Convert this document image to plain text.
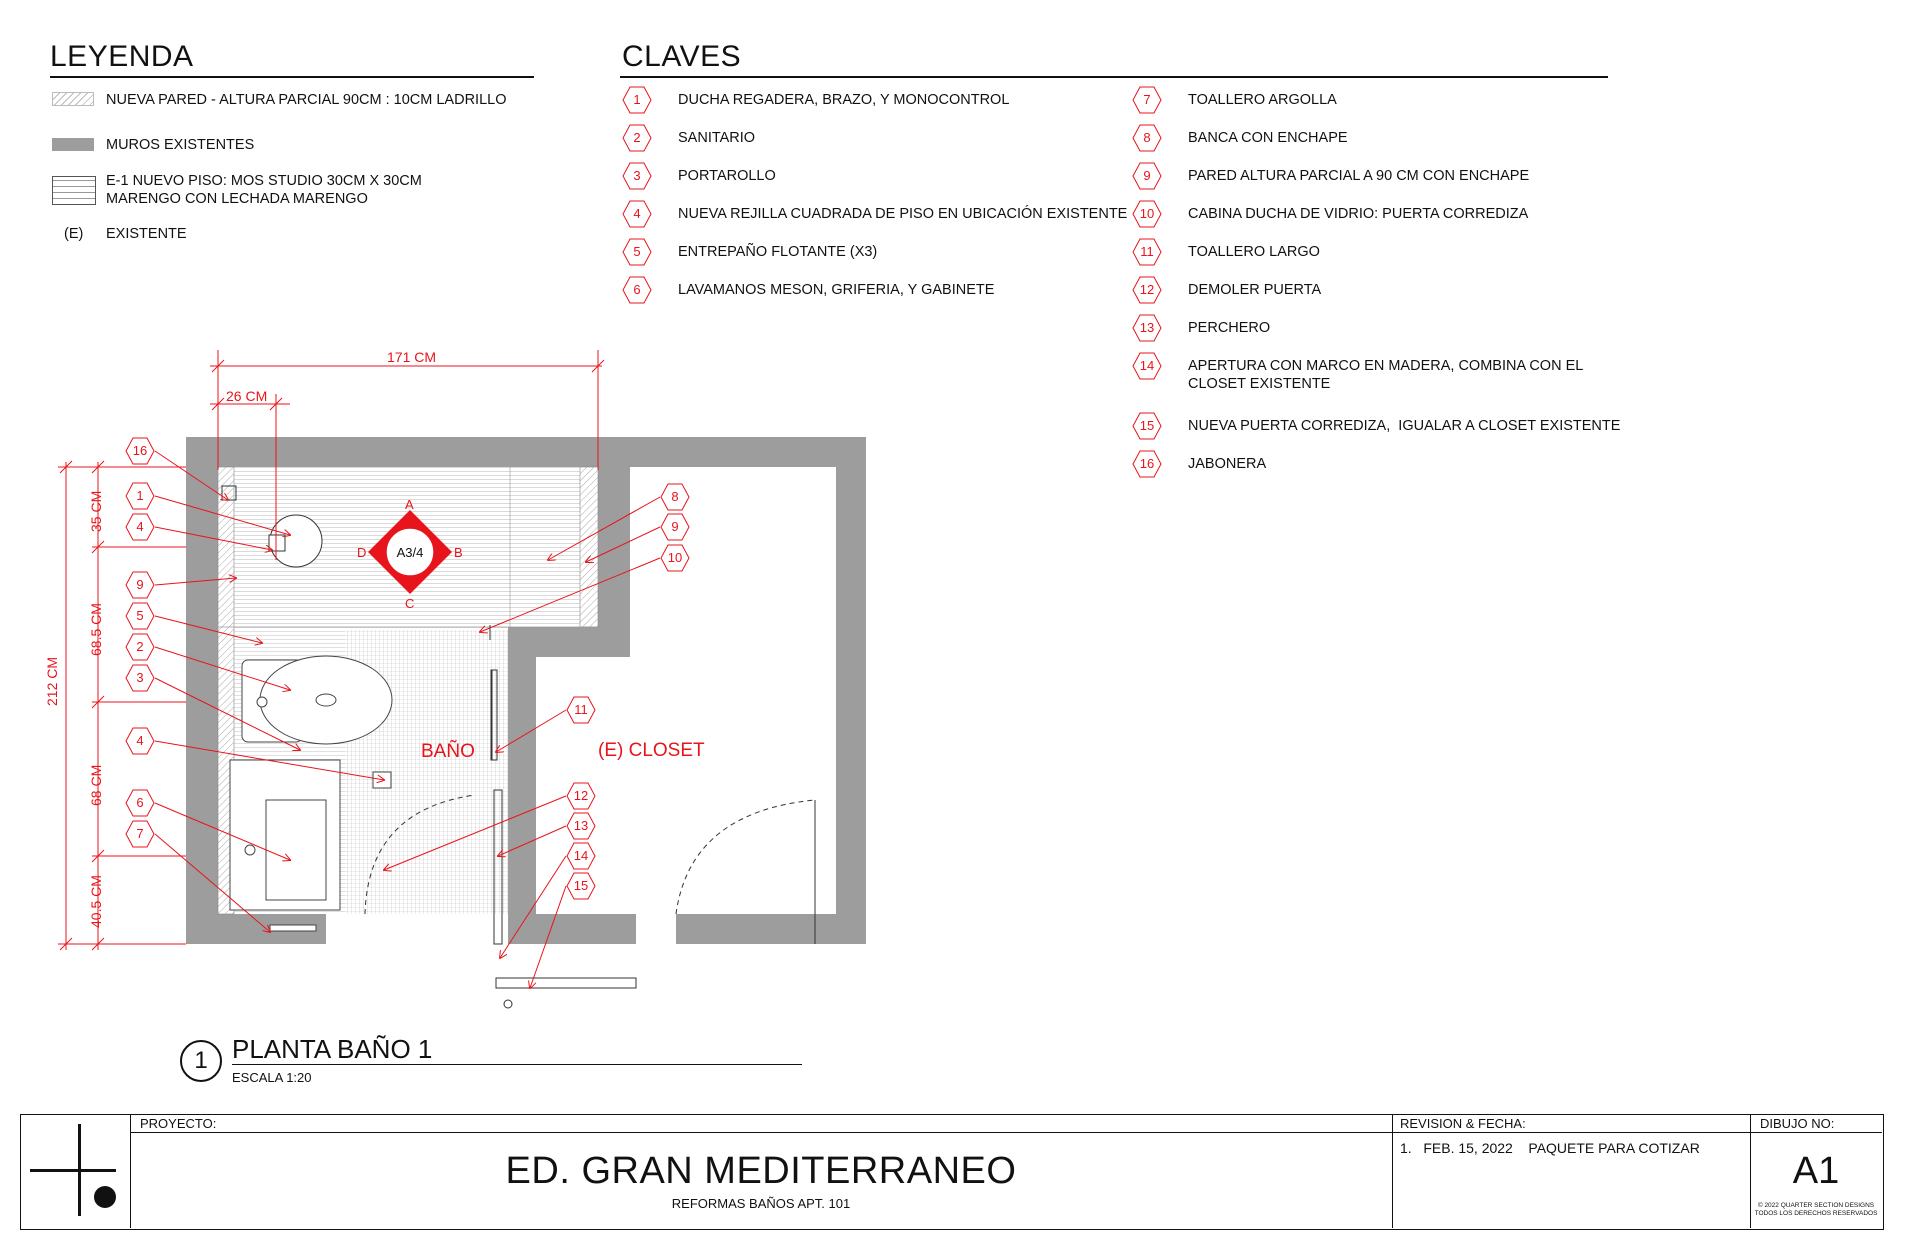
LEYENDA
NUEVA PARED - ALTURA PARCIAL 90CM : 10CM LADRILLO
MUROS EXISTENTES
E-1 NUEVO PISO: MOS STUDIO 30CM X 30CM
MARENGO CON LECHADA MARENGO
(E) EXISTENTE
CLAVES
1	DUCHA REGADERA, BRAZO, Y MONOCONTROL
2	SANITARIO
3	PORTAROLLO
4	NUEVA REJILLA CUADRADA DE PISO EN UBICACIÓN EXISTENTE
5	ENTREPAÑO FLOTANTE (X3)
6	LAVAMANOS MESON, GRIFERIA, Y GABINETE
7	TOALLERO ARGOLLA
8	BANCA CON ENCHAPE
9	PARED ALTURA PARCIAL A 90 CM CON ENCHAPE
10	CABINA DUCHA DE VIDRIO: PUERTA CORREDIZA
11	TOALLERO LARGO
12	DEMOLER PUERTA
13	PERCHERO
14	APERTURA CON MARCO EN MADERA, COMBINA CON EL
CLOSET EXISTENTE
15	NUEVA PUERTA CORREDIZA,  IGUALAR A CLOSET EXISTENTE
16	JABONERA
171 CM
26 CM
212 CM
35 CM
68.5 CM
68 CM
40.5 CM
BAÑO	(E) CLOSET
A3/4
A
B
C
D
16
1
4
9
5
2
3
4
6
7
8
9
10
11
12
13
14
15
1 PLANTA BAÑO 1
ESCALA 1:20
PROYECTO:
ED. GRAN MEDITERRANEO
REFORMAS BAÑOS APT. 101
REVISION & FECHA:
1.   FEB. 15, 2022    PAQUETE PARA COTIZAR
DIBUJO NO:
A1
© 2022 QUARTER SECTION DESIGNS
TODOS LOS DERECHOS RESERVADOS
